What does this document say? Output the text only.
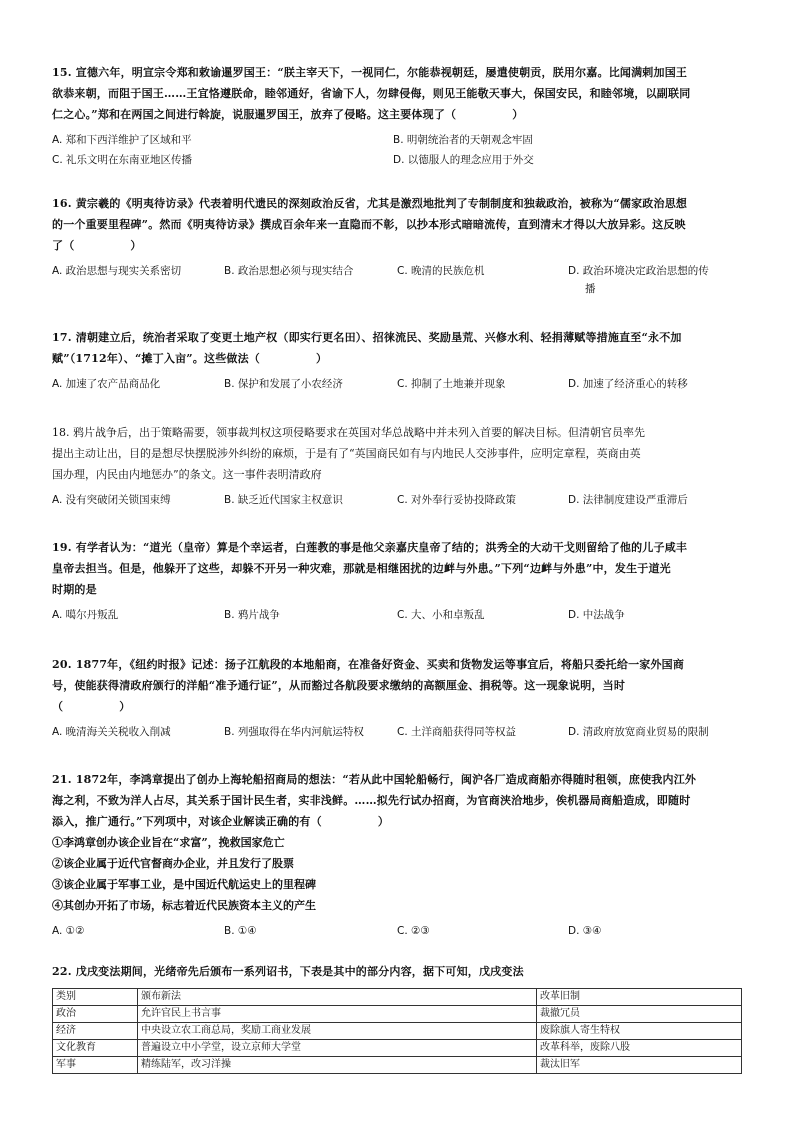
15. 宣德六年，明宣宗令郑和敕谕暹罗国王：“朕主宰天下，一视同仁，尔能恭视朝廷，屡遣使朝贡，朕用尔嘉。比闻满剌加国王
欲恭来朝，而阻于国王……王宜恪遵朕命，睦邻通好，省谕下人，勿肆侵侮，则见王能敬天事大，保国安民，和睦邻境，以副联同
仁之心。”郑和在两国之间进行斡旋，说服暹罗国王，放弃了侵略。这主要体现了（　　　　　）
A. 郑和下西洋维护了区域和平	B. 明朝统治者的天朝观念牢固
C. 礼乐文明在东南亚地区传播	D. 以德服人的理念应用于外交
16. 黄宗羲的《明夷待访录》代表着明代遗民的深刻政治反省，尤其是激烈地批判了专制制度和独裁政治，被称为“儒家政治思想
的一个重要里程碑”。然而《明夷待访录》撰成百余年来一直隐而不彰，以抄本形式暗暗流传，直到清末才得以大放异彩。这反映
了（　　　　　）
A. 政治思想与现实关系密切	B. 政治思想必须与现实结合	C. 晚清的民族危机	D. 政治环境决定政治思想的传
播
17. 清朝建立后，统治者采取了变更土地产权（即实行更名田）、招徕流民、奖励垦荒、兴修水利、轻捐薄赋等措施直至“永不加
赋”（1712年）、“摊丁入亩”。这些做法（　　　　　）
A. 加速了农产品商品化	B. 保护和发展了小农经济	C. 抑制了土地兼并现象	D. 加速了经济重心的转移
18. 鸦片战争后，出于策略需要，领事裁判权这项侵略要求在英国对华总战略中并未列入首要的解决目标。但清朝官员率先
提出主动让出，目的是想尽快摆脱涉外纠纷的麻烦，于是有了“英国商民如有与内地民人交涉事件，应明定章程，英商由英
国办理，内民由内地惩办”的条文。这一事件表明清政府
A. 没有突破闭关锁国束缚	B. 缺乏近代国家主权意识	C. 对外奉行妥协投降政策	D. 法律制度建设严重滞后
19. 有学者认为：“道光（皇帝）算是个幸运者，白莲教的事是他父亲嘉庆皇帝了结的；洪秀全的大动干戈则留给了他的儿子咸丰
皇帝去担当。但是，他躲开了这些，却躲不开另一种灾难，那就是相继困扰的边衅与外患。”下列“边衅与外患”中，发生于道光
时期的是
A. 噶尔丹叛乱	B. 鸦片战争	C. 大、小和卓叛乱	D. 中法战争
20. 1877年，《纽约时报》记述：扬子江航段的本地船商，在准备好资金、买卖和货物发运等事宜后，将船只委托给一家外国商
号，使能获得清政府颁行的洋船“准予通行证”，从而豁过各航段要求缴纳的高额厘金、捐税等。这一现象说明，当时
（　　　　　）
A. 晚清海关关税收入削减	B. 列强取得在华内河航运特权	C. 土洋商船获得同等权益	D. 清政府放宽商业贸易的限制
21. 1872年，李鸿章提出了创办上海轮船招商局的想法：“若从此中国轮船畅行，闽沪各厂造成商船亦得随时租领，庶使我内江外
海之利，不致为洋人占尽，其关系于国计民生者，实非浅鲜。……拟先行试办招商，为官商浃洽地步，俟机器局商船造成，即随时
添入，推广通行。”下列项中，对该企业解读正确的有（　　　　　）
①李鸿章创办该企业旨在“求富”，挽救国家危亡
②该企业属于近代官督商办企业，并且发行了股票
③该企业属于军事工业，是中国近代航运史上的里程碑
④其创办开拓了市场，标志着近代民族资本主义的产生
A. ①②	B. ①④	C. ②③	D. ③④
22. 戊戌变法期间，光绪帝先后颁布一系列诏书，下表是其中的部分内容，据下可知，戊戌变法
类别	颁布新法	改革旧制
政治	允许官民上书言事	裁撤冗员
经济	中央设立农工商总局，奖励工商业发展	废除旗人寄生特权
文化教育	普遍设立中小学堂，设立京师大学堂	改革科举，废除八股
军事	精练陆军，改习洋操	裁汰旧军
